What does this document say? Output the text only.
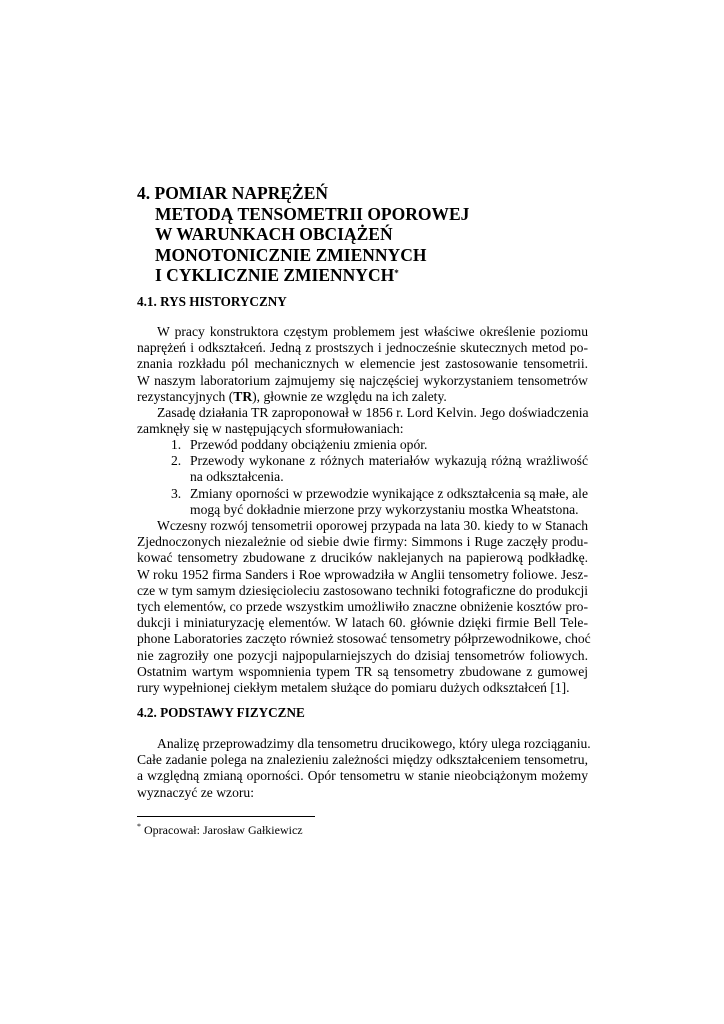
4. POMIAR NAPRĘŻEŃ
METODĄ TENSOMETRII OPOROWEJ
W WARUNKACH OBCIĄŻEŃ
MONOTONICZNIE ZMIENNYCH
I CYKLICZNIE ZMIENNYCH*
4.1. RYS HISTORYCZNY
W pracy konstruktora częstym problemem jest właściwe określenie poziomu
naprężeń i odkształceń. Jedną z prostszych i jednocześnie skutecznych metod po-
znania rozkładu pól mechanicznych w elemencie jest zastosowanie tensometrii.
W naszym laboratorium zajmujemy się najczęściej wykorzystaniem tensometrów
rezystancyjnych (TR), głownie ze względu na ich zalety.
Zasadę działania TR zaproponował w 1856 r. Lord Kelvin. Jego doświadczenia
zamknęły się w następujących sformułowaniach:
1. Przewód poddany obciążeniu zmienia opór.
2. Przewody wykonane z różnych materiałów wykazują różną wrażliwość
na odkształcenia.
3. Zmiany oporności w przewodzie wynikające z odkształcenia są małe, ale
mogą być dokładnie mierzone przy wykorzystaniu mostka Wheatstona.
Wczesny rozwój tensometrii oporowej przypada na lata 30. kiedy to w Stanach
Zjednoczonych niezależnie od siebie dwie firmy: Simmons i Ruge zaczęły produ-
kować tensometry zbudowane z drucików naklejanych na papierową podkładkę.
W roku 1952 firma Sanders i Roe wprowadziła w Anglii tensometry foliowe. Jesz-
cze w tym samym dziesięcioleciu zastosowano techniki fotograficzne do produkcji
tych elementów, co przede wszystkim umożliwiło znaczne obniżenie kosztów pro-
dukcji i miniaturyzację elementów. W latach 60. głównie dzięki firmie Bell Tele-
phone Laboratories zaczęto również stosować tensometry półprzewodnikowe, choć
nie zagroziły one pozycji najpopularniejszych do dzisiaj tensometrów foliowych.
Ostatnim wartym wspomnienia typem TR są tensometry zbudowane z gumowej
rury wypełnionej ciekłym metalem służące do pomiaru dużych odkształceń [1].
4.2. PODSTAWY FIZYCZNE
Analizę przeprowadzimy dla tensometru drucikowego, który ulega rozciąganiu.
Całe zadanie polega na znalezieniu zależności między odkształceniem tensometru,
a względną zmianą oporności. Opór tensometru w stanie nieobciążonym możemy
wyznaczyć ze wzoru:
* Opracował: Jarosław Gałkiewicz
